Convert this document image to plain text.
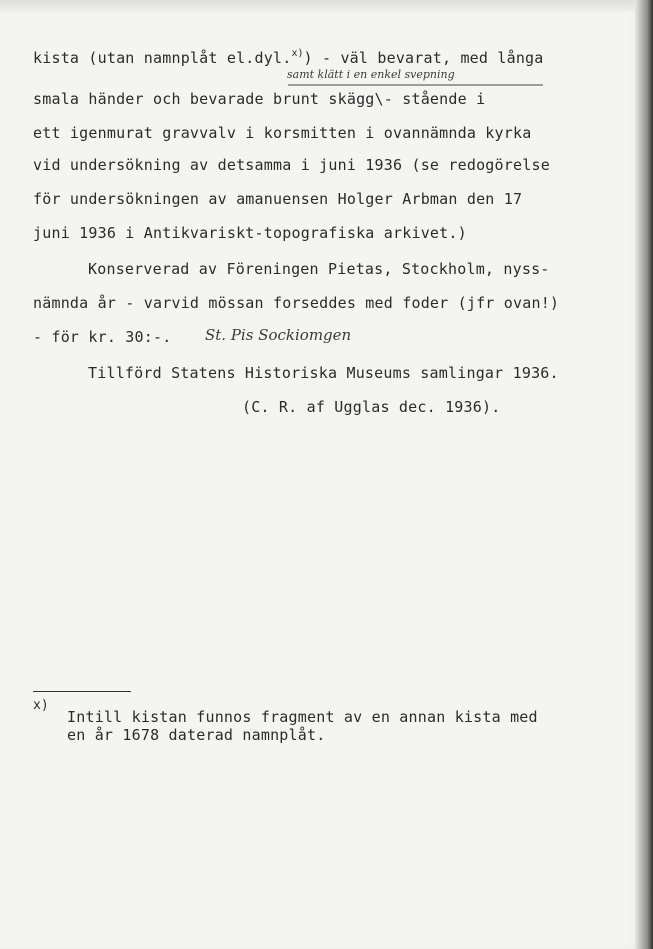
kista (utan namnplåt el.dyl.$^{x)}$) - väl bevarat, med långa
samt klätt i en enkel svepning
smala händer och bevarade brunt skägg\- stående i
ett igenmurat gravvalv i korsmitten i ovannämnda kyrka
vid undersökning av detsamma i juni 1936 (se redogörelse
för undersökningen av amanuensen Holger Arbman den 17
juni 1936 i Antikvariskt-topografiska arkivet.)
Konserverad av Föreningen Pietas, Stockholm, nyss-
nämnda år - varvid mössan forseddes med foder (jfr ovan!)
- för kr. 30:-. St. Pis Sockiomgen
Tillförd Statens Historiska Museums samlingar 1936.
(C. R. af Ugglas dec. 1936).
x)
Intill kistan funnos fragment av en annan kista med
en år 1678 daterad namnplåt.
